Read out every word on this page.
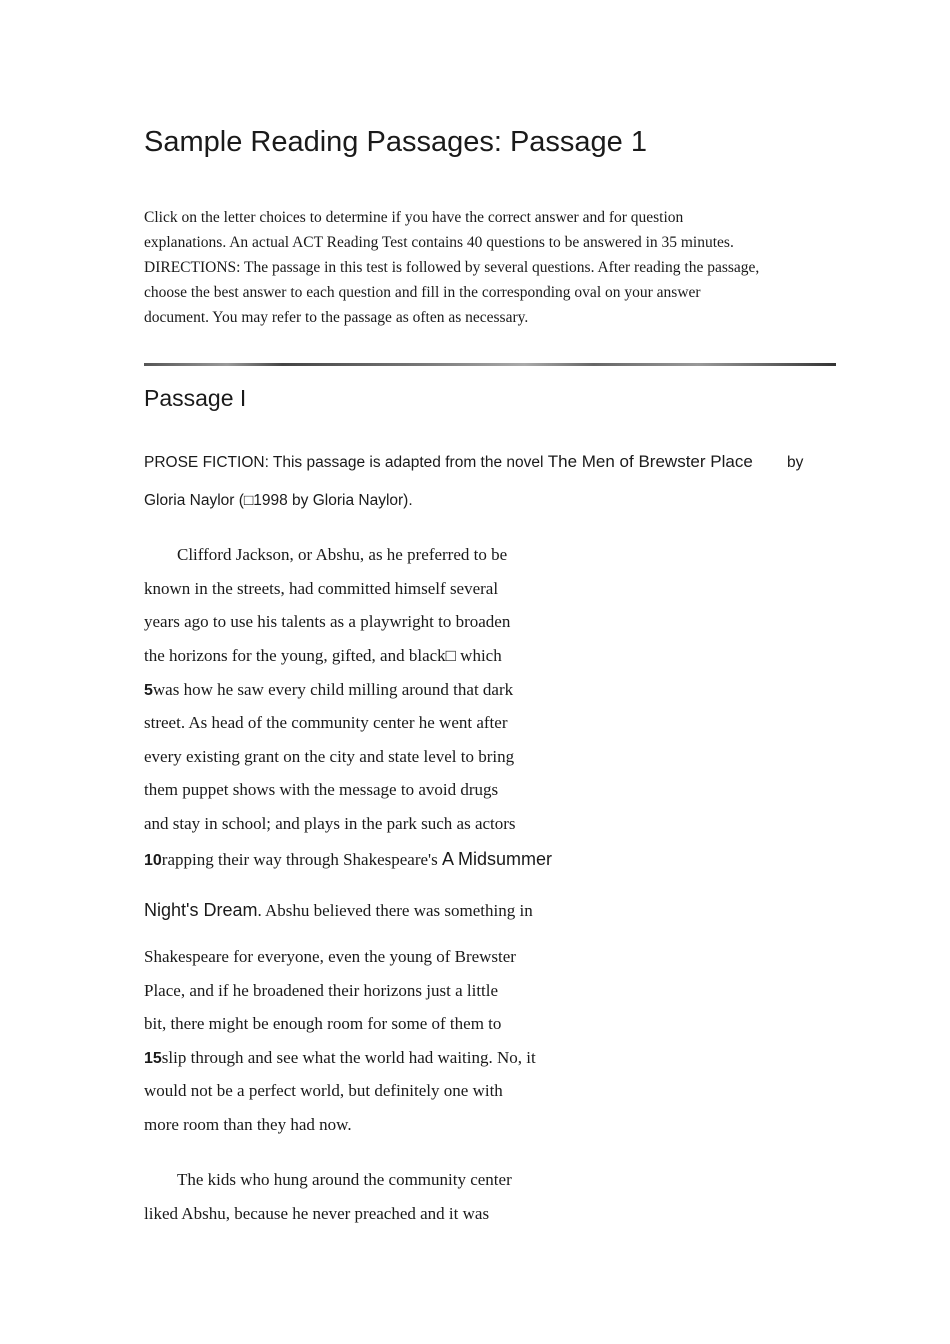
Sample Reading Passages: Passage 1

Click on the letter choices to determine if you have the correct answer and for question

explanations. An actual ACT Reading Test contains 40 questions to be answered in 35 minutes.

DIRECTIONS: The passage in this test is followed by several questions. After reading the passage,

choose the best answer to each question and fill in the corresponding oval on your answer

document. You may refer to the passage as often as necessary.

Passage I
PROSE FICTION: This passage is adapted from the novel The Men of Brewster Place by
Gloria Naylor (□1998 by Gloria Naylor).
Clifford Jackson, or Abshu, as he preferred to be
known in the streets, had committed himself several
years ago to use his talents as a playwright to broaden
the horizons for the young, gifted, and black□ which
5was how he saw every child milling around that dark
street. As head of the community center he went after
every existing grant on the city and state level to bring
them puppet shows with the message to avoid drugs
and stay in school; and plays in the park such as actors
10rapping their way through Shakespeare's A Midsummer
Night's Dream. Abshu believed there was something in
Shakespeare for everyone, even the young of Brewster
Place, and if he broadened their horizons just a little
bit, there might be enough room for some of them to
15slip through and see what the world had waiting. No, it
would not be a perfect world, but definitely one with
more room than they had now.
The kids who hung around the community center
liked Abshu, because he never preached and it was
